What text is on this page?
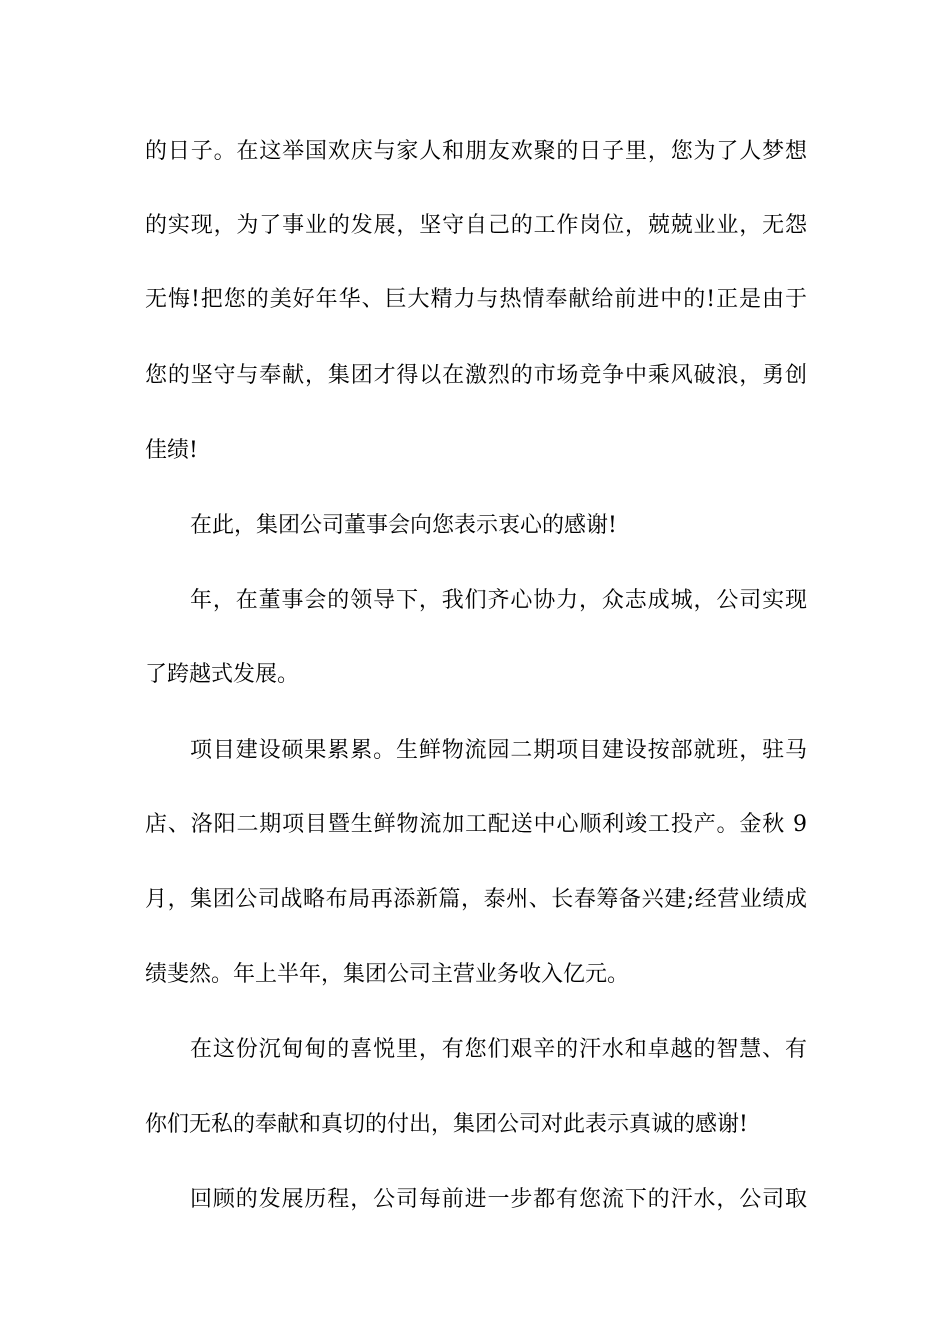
的日子。在这举国欢庆与家人和朋友欢聚的日子里，您为了人梦想
的实现，为了事业的发展，坚守自己的工作岗位，兢兢业业，无怨
无悔!把您的美好年华、巨大精力与热情奉献给前进中的!正是由于
您的坚守与奉献，集团才得以在激烈的市场竞争中乘风破浪，勇创
佳绩!
在此，集团公司董事会向您表示衷心的感谢!
年，在董事会的领导下，我们齐心协力，众志成城，公司实现
了跨越式发展。
项目建设硕果累累。生鲜物流园二期项目建设按部就班，驻马
店、洛阳二期项目暨生鲜物流加工配送中心顺利竣工投产。金秋 9
月，集团公司战略布局再添新篇，泰州、长春筹备兴建;经营业绩成
绩斐然。年上半年，集团公司主营业务收入亿元。
在这份沉甸甸的喜悦里，有您们艰辛的汗水和卓越的智慧、有
你们无私的奉献和真切的付出，集团公司对此表示真诚的感谢!
回顾的发展历程，公司每前进一步都有您流下的汗水，公司取
